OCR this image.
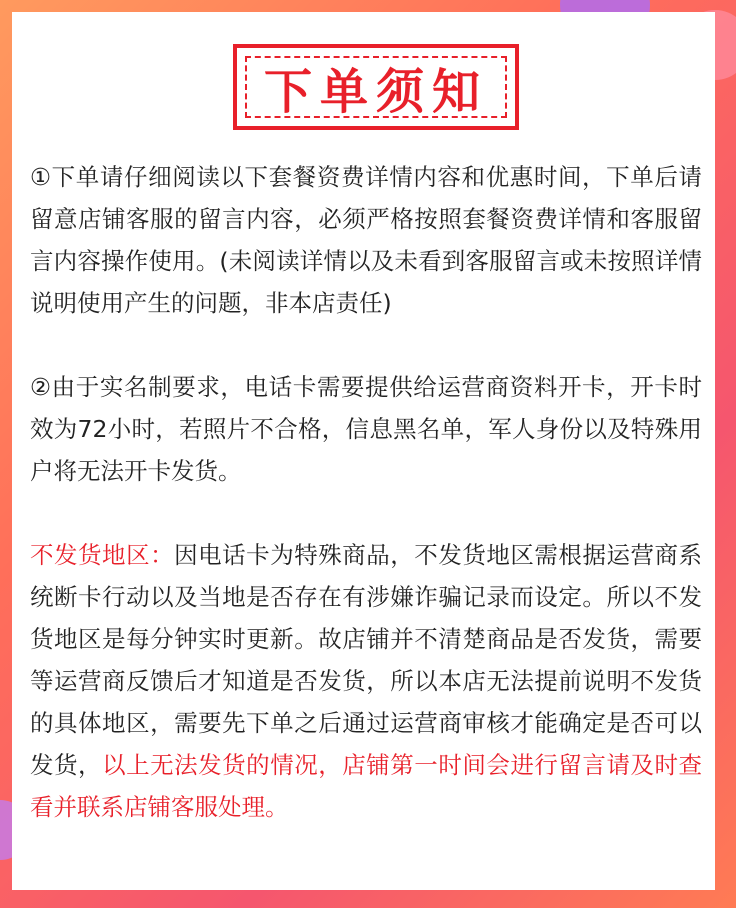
下单须知
①下单请仔细阅读以下套餐资费详情内容和优惠时间，下单后请留意店铺客服的留言内容，必须严格按照套餐资费详情和客服留言内容操作使用。(未阅读详情以及未看到客服留言或未按照详情说明使用产生的问题，非本店责任)
②由于实名制要求，电话卡需要提供给运营商资料开卡，开卡时效为72小时，若照片不合格，信息黑名单，军人身份以及特殊用户将无法开卡发货。
不发货地区：因电话卡为特殊商品，不发货地区需根据运营商系统断卡行动以及当地是否存在有涉嫌诈骗记录而设定。所以不发货地区是每分钟实时更新。故店铺并不清楚商品是否发货，需要等运营商反馈后才知道是否发货，所以本店无法提前说明不发货的具体地区，需要先下单之后通过运营商审核才能确定是否可以发货，以上无法发货的情况，店铺第一时间会进行留言请及时查看并联系店铺客服处理。
